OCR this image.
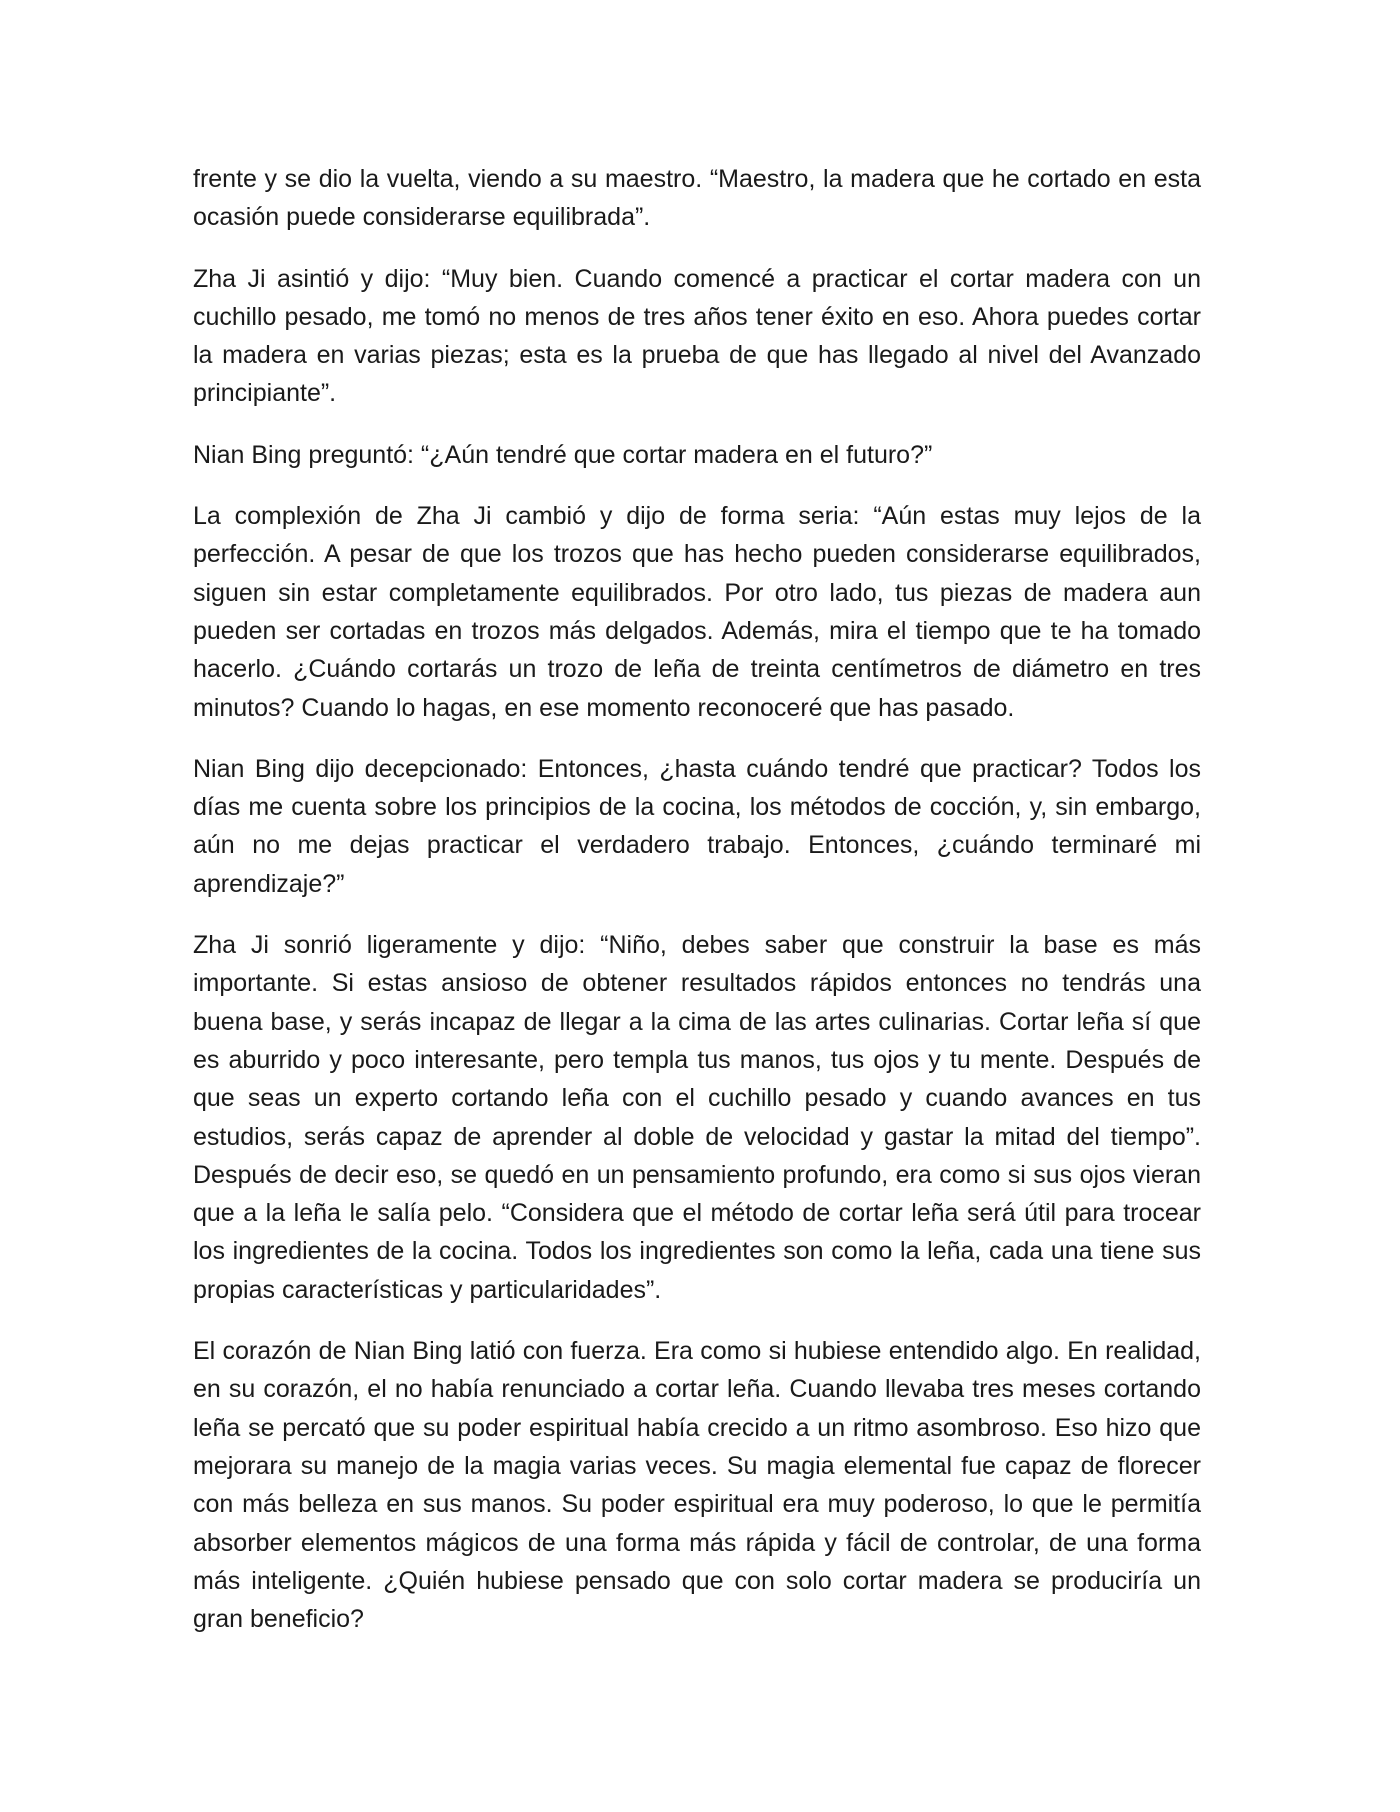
frente y se dio la vuelta, viendo a su maestro. “Maestro, la madera que he cortado en esta ocasión puede considerarse equilibrada”.

Zha Ji asintió y dijo: “Muy bien. Cuando comencé a practicar el cortar madera con un cuchillo pesado, me tomó no menos de tres años tener éxito en eso. Ahora puedes cortar la madera en varias piezas; esta es la prueba de que has llegado al nivel del Avanzado principiante”.

Nian Bing preguntó: “¿Aún tendré que cortar madera en el futuro?”

La complexión de Zha Ji cambió y dijo de forma seria: “Aún estas muy lejos de la perfección. A pesar de que los trozos que has hecho pueden considerarse equilibrados, siguen sin estar completamente equilibrados. Por otro lado, tus piezas de madera aun pueden ser cortadas en trozos más delgados. Además, mira el tiempo que te ha tomado hacerlo. ¿Cuándo cortarás un trozo de leña de treinta centímetros de diámetro en tres minutos? Cuando lo hagas, en ese momento reconoceré que has pasado.

Nian Bing dijo decepcionado: Entonces, ¿hasta cuándo tendré que practicar? Todos los días me cuenta sobre los principios de la cocina, los métodos de cocción, y, sin embargo, aún no me dejas practicar el verdadero trabajo. Entonces, ¿cuándo terminaré mi aprendizaje?”

Zha Ji sonrió ligeramente y dijo: “Niño, debes saber que construir la base es más importante. Si estas ansioso de obtener resultados rápidos entonces no tendrás una buena base, y serás incapaz de llegar a la cima de las artes culinarias. Cortar leña sí que es aburrido y poco interesante, pero templa tus manos, tus ojos y tu mente. Después de que seas un experto cortando leña con el cuchillo pesado y cuando avances en tus estudios, serás capaz de aprender al doble de velocidad y gastar la mitad del tiempo”. Después de decir eso, se quedó en un pensamiento profundo, era como si sus ojos vieran que a la leña le salía pelo. “Considera que el método de cortar leña será útil para trocear los ingredientes de la cocina. Todos los ingredientes son como la leña, cada una tiene sus propias características y particularidades”.

El corazón de Nian Bing latió con fuerza. Era como si hubiese entendido algo. En realidad, en su corazón, el no había renunciado a cortar leña. Cuando llevaba tres meses cortando leña se percató que su poder espiritual había crecido a un ritmo asombroso. Eso hizo que mejorara su manejo de la magia varias veces. Su magia elemental fue capaz de florecer con más belleza en sus manos. Su poder espiritual era muy poderoso, lo que le permitía absorber elementos mágicos de una forma más rápida y fácil de controlar, de una forma más inteligente. ¿Quién hubiese pensado que con solo cortar madera se produciría un gran beneficio?
